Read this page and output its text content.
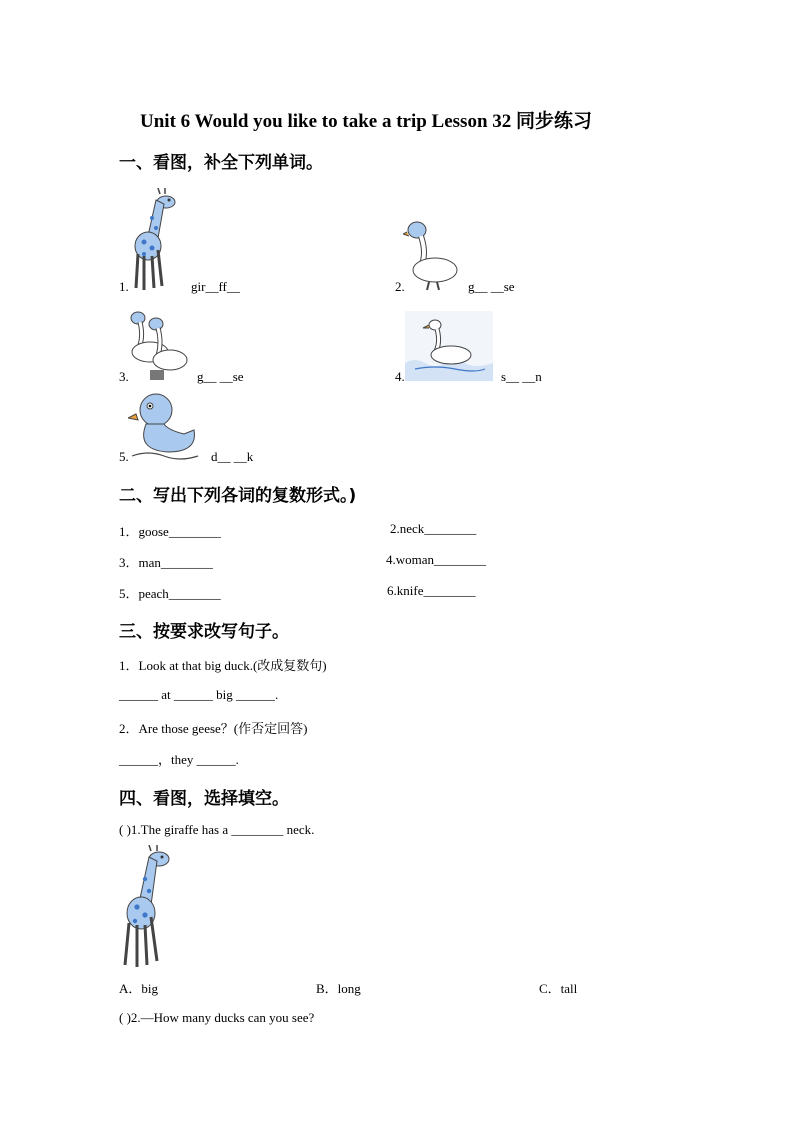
Unit 6 Would you like to take a trip Lesson 32 同步练习
一、看图，补全下列单词。
1.	gir__ff__	2.	g__ __se
3.	g__ __se	4.	s__ __n
5.	d__ __k
二、写出下列各词的复数形式。)
1．goose________	2.neck________
3．man________	4.woman________
5．peach________	6.knife________
三、按要求改写句子。
1．Look at that big duck.(改成复数句)
______ at ______ big ______.
2．Are those geese？(作否定回答)
______，they ______.
四、看图，选择填空。
( )1.The giraffe has a ________ neck.
A．big	B．long	C．tall
( )2.—How many ducks can you see?
